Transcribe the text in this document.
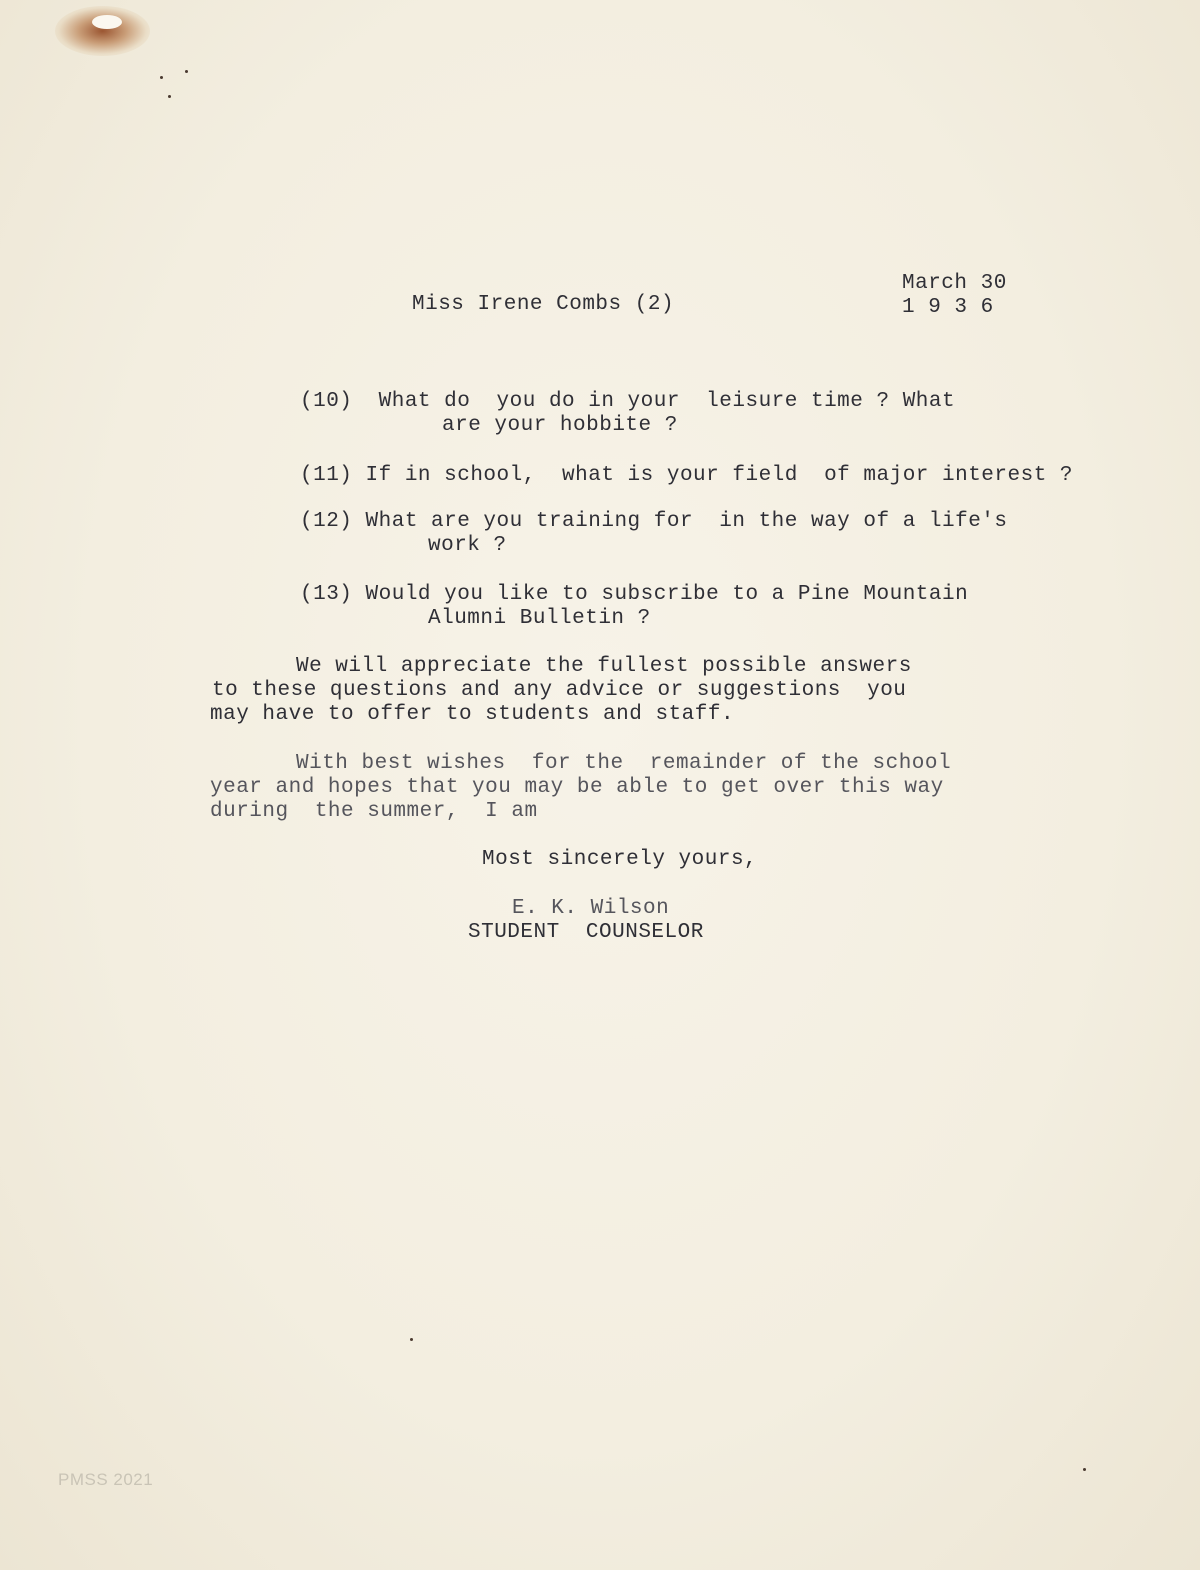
March 30
1 9 3 6
Miss Irene Combs (2)
(10)  What do  you do in your  leisure time ? What
are your hobbite ?
(11) If in school,  what is your field  of major interest ?
(12) What are you training for  in the way of a life's
work ?
(13) Would you like to subscribe to a Pine Mountain
Alumni Bulletin ?
We will appreciate the fullest possible answers
to these questions and any advice or suggestions  you
may have to offer to students and staff.
With best wishes  for the  remainder of the school
year and hopes that you may be able to get over this way
during  the summer,  I am
Most sincerely yours,
E. K. Wilson
STUDENT  COUNSELOR
PMSS 2021
